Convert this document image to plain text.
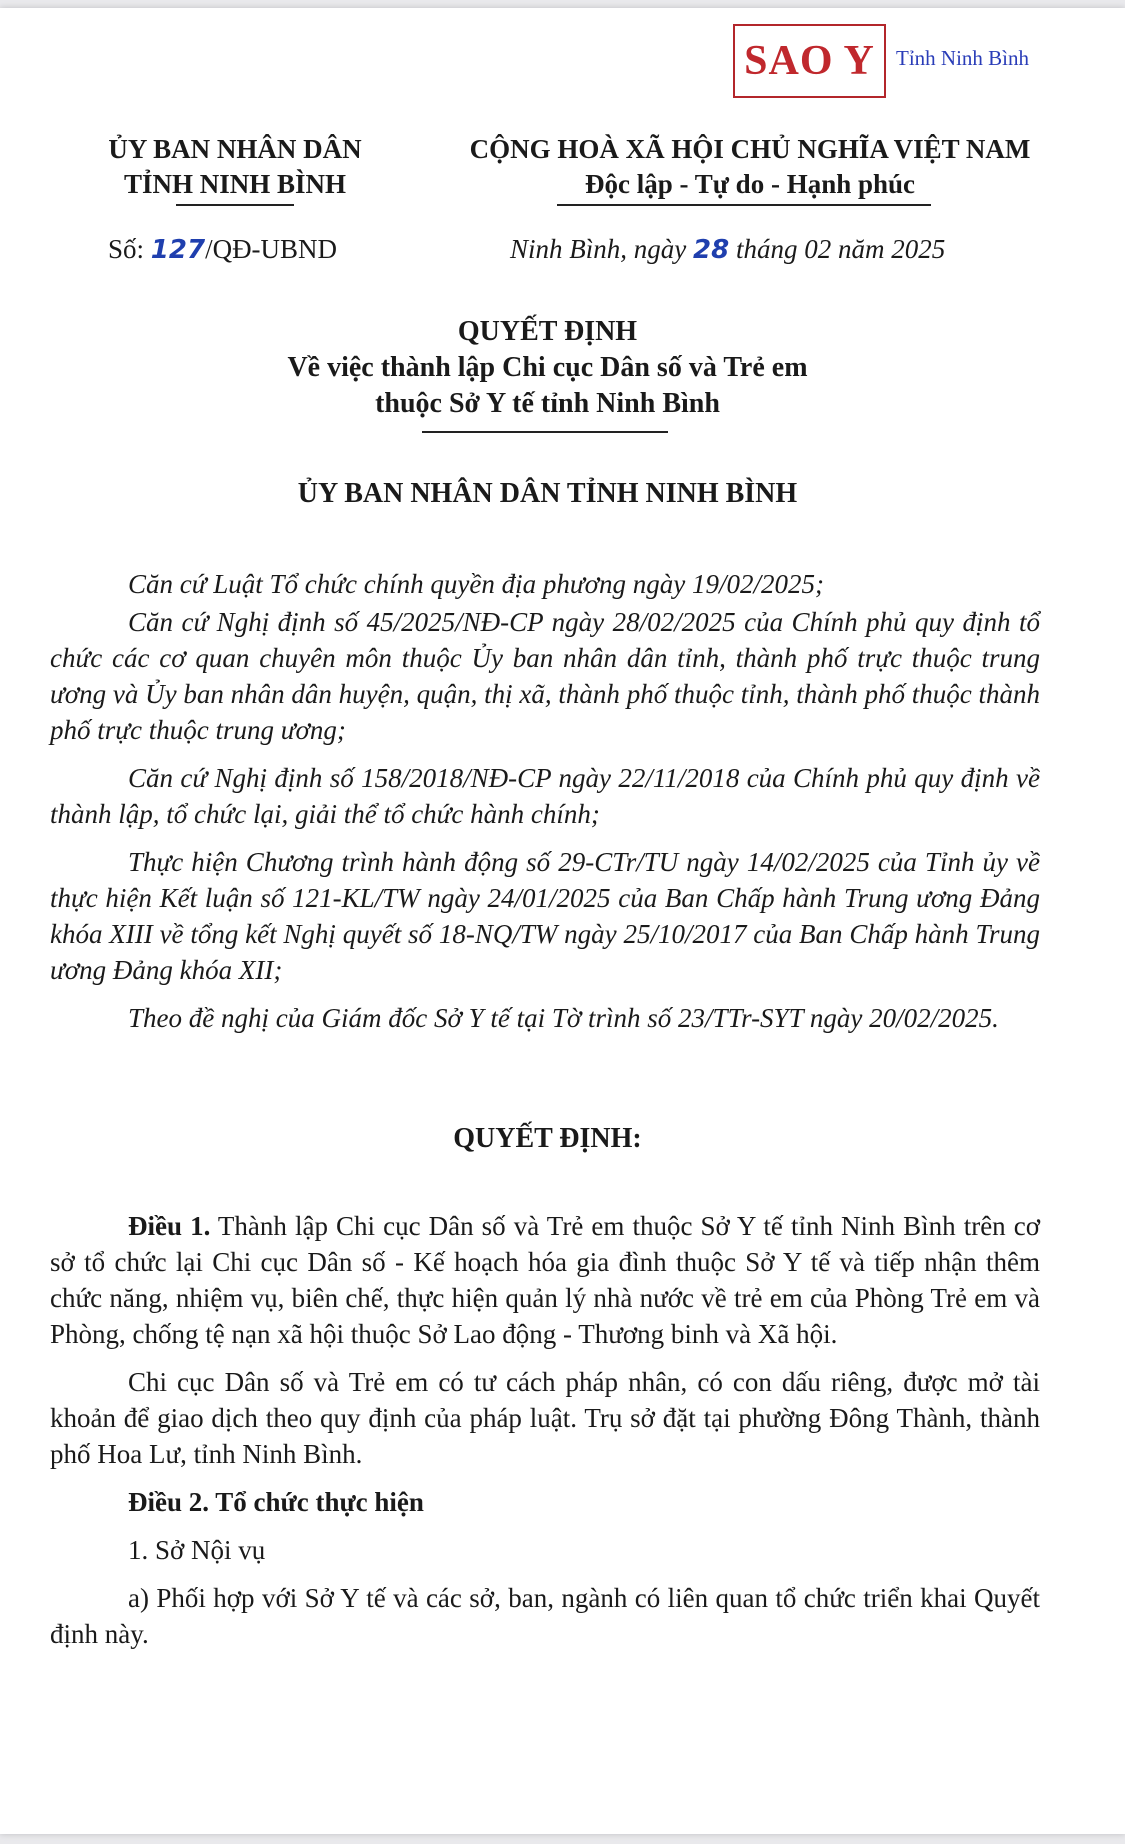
SAO Y Tỉnh Ninh Bình
ỦY BAN NHÂN DÂN
TỈNH NINH BÌNH
CỘNG HOÀ XÃ HỘI CHỦ NGHĨA VIỆT NAM
Độc lập - Tự do - Hạnh phúc
Số: 127/QĐ-UBND	Ninh Bình, ngày 28 tháng 02 năm 2025
QUYẾT ĐỊNH
Về việc thành lập Chi cục Dân số và Trẻ em
thuộc Sở Y tế tỉnh Ninh Bình
ỦY BAN NHÂN DÂN TỈNH NINH BÌNH

Căn cứ Luật Tổ chức chính quyền địa phương ngày 19/02/2025;

Căn cứ Nghị định số 45/2025/NĐ-CP ngày 28/02/2025 của Chính phủ quy định tổ chức các cơ quan chuyên môn thuộc Ủy ban nhân dân tỉnh, thành phố trực thuộc trung ương và Ủy ban nhân dân huyện, quận, thị xã, thành phố thuộc tỉnh, thành phố thuộc thành phố trực thuộc trung ương;

Căn cứ Nghị định số 158/2018/NĐ-CP ngày 22/11/2018 của Chính phủ quy định về thành lập, tổ chức lại, giải thể tổ chức hành chính;

Thực hiện Chương trình hành động số 29-CTr/TU ngày 14/02/2025 của Tỉnh ủy về thực hiện Kết luận số 121-KL/TW ngày 24/01/2025 của Ban Chấp hành Trung ương Đảng khóa XIII về tổng kết Nghị quyết số 18-NQ/TW ngày 25/10/2017 của Ban Chấp hành Trung ương Đảng khóa XII;

Theo đề nghị của Giám đốc Sở Y tế tại Tờ trình số 23/TTr-SYT ngày 20/02/2025.

QUYẾT ĐỊNH:

Điều 1. Thành lập Chi cục Dân số và Trẻ em thuộc Sở Y tế tỉnh Ninh Bình trên cơ sở tổ chức lại Chi cục Dân số - Kế hoạch hóa gia đình thuộc Sở Y tế và tiếp nhận thêm chức năng, nhiệm vụ, biên chế, thực hiện quản lý nhà nước về trẻ em của Phòng Trẻ em và Phòng, chống tệ nạn xã hội thuộc Sở Lao động - Thương binh và Xã hội.

Chi cục Dân số và Trẻ em có tư cách pháp nhân, có con dấu riêng, được mở tài khoản để giao dịch theo quy định của pháp luật. Trụ sở đặt tại phường Đông Thành, thành phố Hoa Lư, tỉnh Ninh Bình.

Điều 2. Tổ chức thực hiện

1. Sở Nội vụ

a) Phối hợp với Sở Y tế và các sở, ban, ngành có liên quan tổ chức triển khai Quyết định này.
